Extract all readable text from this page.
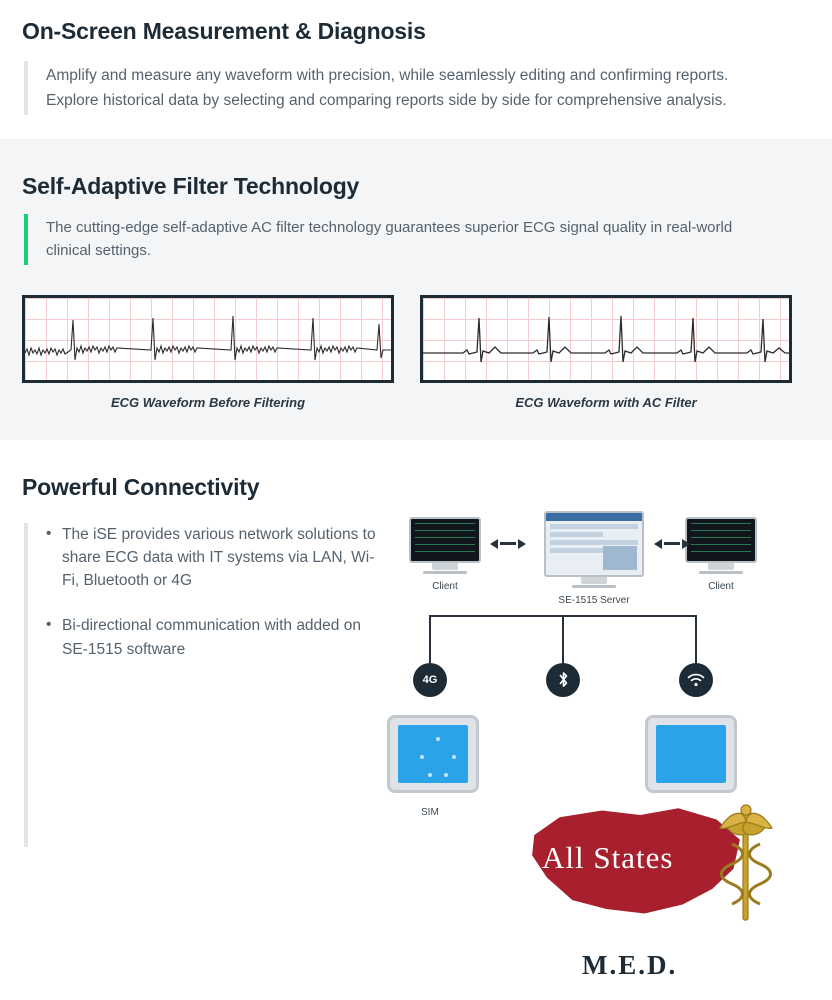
On-Screen Measurement & Diagnosis

Amplify and measure any waveform with precision, while seamlessly editing and confirming reports. Explore historical data by selecting and comparing reports side by side for comprehensive analysis.

Self-Adaptive Filter Technology

The cutting-edge self-adaptive AC filter technology guarantees superior ECG signal quality in real-world clinical settings.

ECG Waveform Before Filtering	ECG Waveform with AC Filter
Powerful Connectivity
• The iSE provides various network solutions to share ECG data with IT systems via LAN, Wi-Fi, Bluetooth or 4G
• Bi-directional communication with added on SE-1515 software
Client
SE-1515 Server
Client
4G
SIM
All States
M.E.D.
